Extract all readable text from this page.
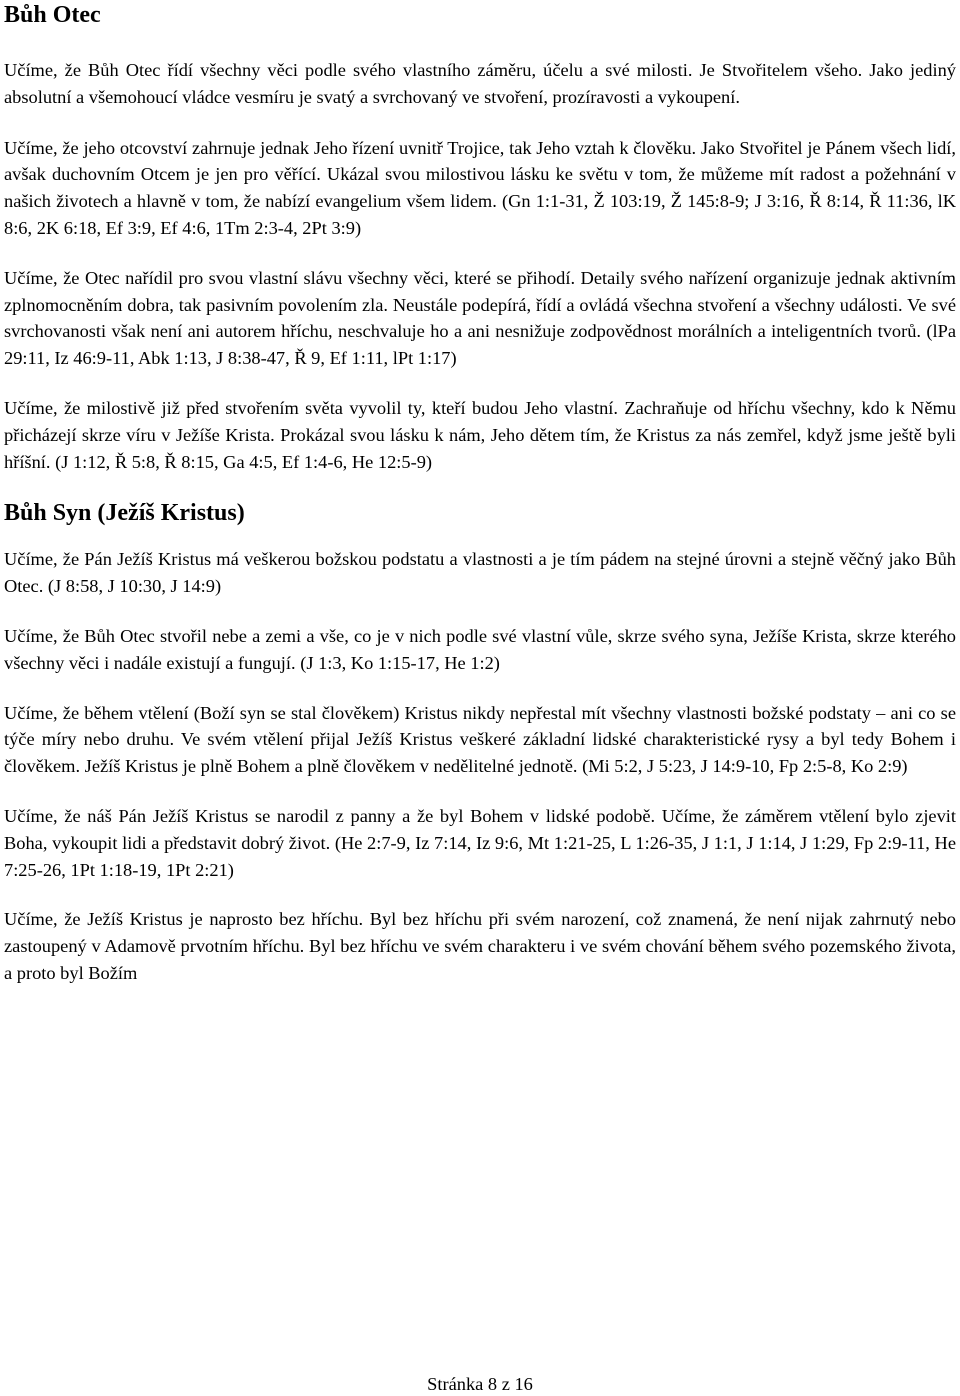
Bůh Otec

Učíme, že Bůh Otec řídí všechny věci podle svého vlastního záměru, účelu a své milosti. Je Stvořitelem všeho. Jako jediný absolutní a všemohoucí vládce vesmíru je svatý a svrchovaný ve stvoření, prozíravosti a vykoupení.

Učíme, že jeho otcovství zahrnuje jednak Jeho řízení uvnitř Trojice, tak Jeho vztah k člověku. Jako Stvořitel je Pánem všech lidí, avšak duchovním Otcem je jen pro věřící. Ukázal svou milostivou lásku ke světu v tom, že můžeme mít radost a požehnání v našich životech a hlavně v tom, že nabízí evangelium všem lidem. (Gn 1:1-31, Ž 103:19, Ž 145:8-9; J 3:16, Ř 8:14, Ř 11:36, lK 8:6, 2K 6:18, Ef 3:9, Ef 4:6, 1Tm 2:3-4, 2Pt 3:9)

Učíme, že Otec nařídil pro svou vlastní slávu všechny věci, které se přihodí. Detaily svého nařízení organizuje jednak aktivním zplnomocněním dobra, tak pasivním povolením zla. Neustále podepírá, řídí a ovládá všechna stvoření a všechny události. Ve své svrchovanosti však není ani autorem hříchu, neschvaluje ho a ani nesnižuje zodpovědnost morálních a inteligentních tvorů. (lPa 29:11, Iz 46:9-11, Abk 1:13, J 8:38-47, Ř 9, Ef 1:11, lPt 1:17)

Učíme, že milostivě již před stvořením světa vyvolil ty, kteří budou Jeho vlastní. Zachraňuje od hříchu všechny, kdo k Němu přicházejí skrze víru v Ježíše Krista. Prokázal svou lásku k nám, Jeho dětem tím, že Kristus za nás zemřel, když jsme ještě byli hříšní. (J 1:12, Ř 5:8, Ř 8:15, Ga 4:5, Ef 1:4-6, He 12:5-9)

Bůh Syn (Ježíš Kristus)

Učíme, že Pán Ježíš Kristus má veškerou božskou podstatu a vlastnosti a je tím pádem na stejné úrovni a stejně věčný jako Bůh Otec. (J 8:58, J 10:30, J 14:9)

Učíme, že Bůh Otec stvořil nebe a zemi a vše, co je v nich podle své vlastní vůle, skrze svého syna, Ježíše Krista, skrze kterého všechny věci i nadále existují a fungují. (J 1:3, Ko 1:15-17, He 1:2)

Učíme, že během vtělení (Boží syn se stal člověkem) Kristus nikdy nepřestal mít všechny vlastnosti božské podstaty – ani co se týče míry nebo druhu. Ve svém vtělení přijal Ježíš Kristus veškeré základní lidské charakteristické rysy a byl tedy Bohem i člověkem. Ježíš Kristus je plně Bohem a plně člověkem v nedělitelné jednotě. (Mi 5:2, J 5:23, J 14:9-10, Fp 2:5-8, Ko 2:9)

Učíme, že náš Pán Ježíš Kristus se narodil z panny a že byl Bohem v lidské podobě. Učíme, že záměrem vtělení bylo zjevit Boha, vykoupit lidi a představit dobrý život. (He 2:7-9, Iz 7:14, Iz 9:6, Mt 1:21-25, L 1:26-35, J 1:1, J 1:14, J 1:29, Fp 2:9-11, He 7:25-26, 1Pt 1:18-19, 1Pt 2:21)

Učíme, že Ježíš Kristus je naprosto bez hříchu. Byl bez hříchu při svém narození, což znamená, že není nijak zahrnutý nebo zastoupený v Adamově prvotním hříchu. Byl bez hříchu ve svém charakteru i ve svém chování během svého pozemského života, a proto byl Božím

Stránka 8 z 16
